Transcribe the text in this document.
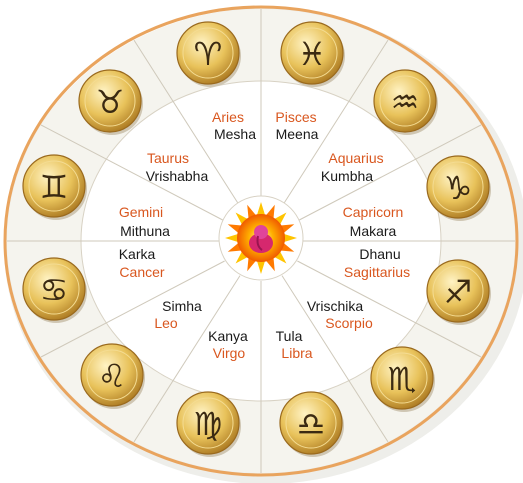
Aries
Mesha
Pisces
Meena
Taurus
Vrishabha
Aquarius
Kumbha
Gemini
Mithuna
Capricorn
Makara
Cancer
Karka
Sagittarius
Dhanu
Leo
Simha
Scorpio
Vrischika
Virgo
Kanya
Libra
Tula
♈ ♓
♒
♑
♐
♏
♎
♍
♌
♋
♊
♉
